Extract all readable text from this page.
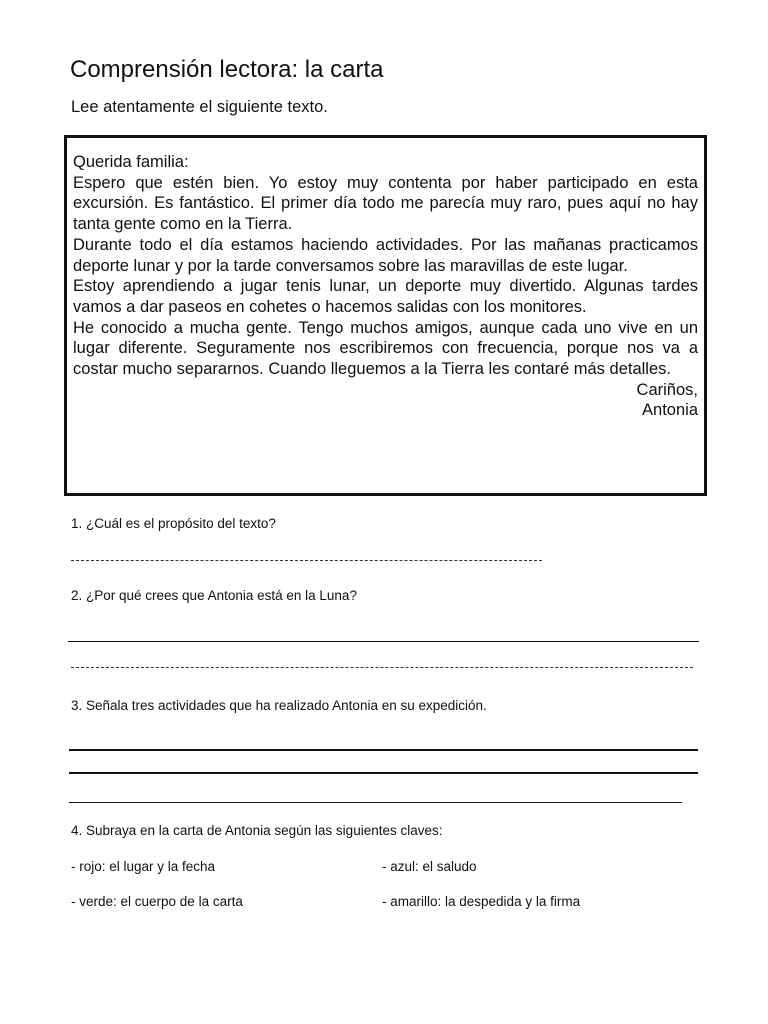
Comprensión lectora: la carta
Lee atentamente el siguiente texto.

Querida familia:

Espero que estén bien. Yo estoy muy contenta por haber participado en esta excursión. Es fantástico. El primer día todo me parecía muy raro, pues aquí no hay tanta gente como en la Tierra.

Durante todo el día estamos haciendo actividades. Por las mañanas practicamos deporte lunar y por la tarde conversamos sobre las maravillas de este lugar.

Estoy aprendiendo a jugar tenis lunar, un deporte muy divertido. Algunas tardes vamos a dar paseos en cohetes o hacemos salidas con los monitores.

He conocido a mucha gente. Tengo muchos amigos, aunque cada uno vive en un lugar diferente. Seguramente nos escribiremos con frecuencia, porque nos va a costar mucho separarnos. Cuando lleguemos a la Tierra les contaré más detalles.

Cariños,

Antonia

1. ¿Cuál es el propósito del texto?
2. ¿Por qué crees que Antonia está en la Luna?
3. Señala tres actividades que ha realizado Antonia en su expedición.
4. Subraya en la carta de Antonia según las siguientes claves:
- rojo: el lugar y la fecha	- azul: el saludo
- verde: el cuerpo de la carta	- amarillo: la despedida y la firma
